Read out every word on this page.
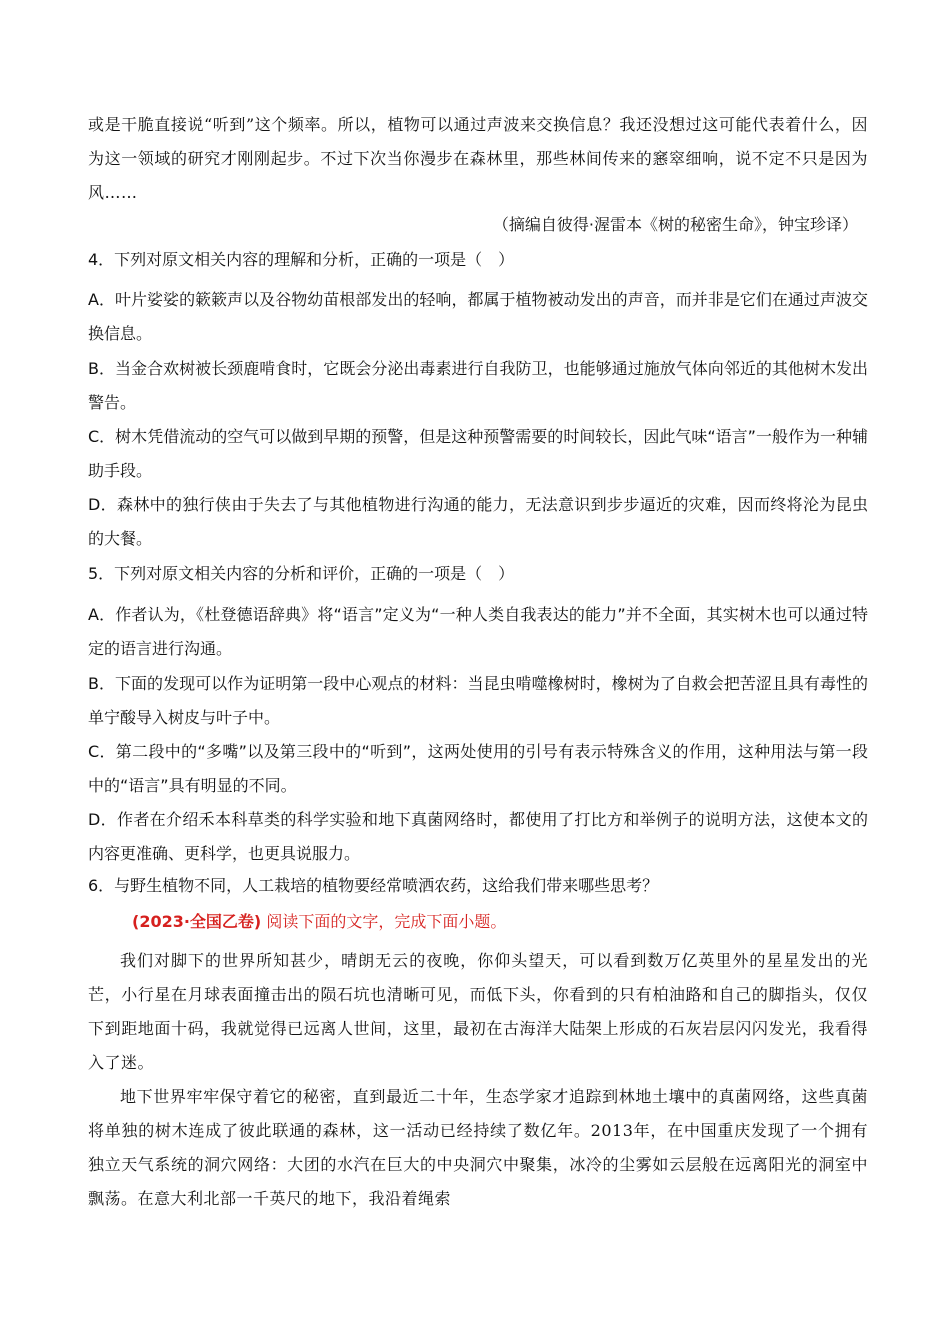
或是干脆直接说“听到”这个频率。所以，植物可以通过声波来交换信息？我还没想过这可能代表着什么，因为这一领域的研究才刚刚起步。不过下次当你漫步在森林里，那些林间传来的窸窣细响，说不定不只是因为风……

（摘编自彼得·渥雷本《树的秘密生命》，钟宝珍译）

4．下列对原文相关内容的理解和分析，正确的一项是（　）

A．叶片娑娑的簌簌声以及谷物幼苗根部发出的轻响，都属于植物被动发出的声音，而并非是它们在通过声波交换信息。

B．当金合欢树被长颈鹿啃食时，它既会分泌出毒素进行自我防卫，也能够通过施放气体向邻近的其他树木发出警告。

C．树木凭借流动的空气可以做到早期的预警，但是这种预警需要的时间较长，因此气味“语言”一般作为一种辅助手段。

D．森林中的独行侠由于失去了与其他植物进行沟通的能力，无法意识到步步逼近的灾难，因而终将沦为昆虫的大餐。

5．下列对原文相关内容的分析和评价，正确的一项是（　）

A．作者认为，《杜登德语辞典》将“语言”定义为“一种人类自我表达的能力”并不全面，其实树木也可以通过特定的语言进行沟通。

B．下面的发现可以作为证明第一段中心观点的材料：当昆虫啃噬橡树时，橡树为了自救会把苦涩且具有毒性的单宁酸导入树皮与叶子中。

C．第二段中的“多嘴”以及第三段中的“听到”，这两处使用的引号有表示特殊含义的作用，这种用法与第一段中的“语言”具有明显的不同。

D．作者在介绍禾本科草类的科学实验和地下真菌网络时，都使用了打比方和举例子的说明方法，这使本文的内容更准确、更科学，也更具说服力。

6．与野生植物不同，人工栽培的植物要经常喷洒农药，这给我们带来哪些思考？

(2023·全国乙卷) 阅读下面的文字，完成下面小题。

我们对脚下的世界所知甚少，晴朗无云的夜晚，你仰头望天，可以看到数万亿英里外的星星发出的光芒，小行星在月球表面撞击出的陨石坑也清晰可见，而低下头，你看到的只有柏油路和自己的脚指头，仅仅下到距地面十码，我就觉得已远离人世间，这里，最初在古海洋大陆架上形成的石灰岩层闪闪发光，我看得入了迷。

地下世界牢牢保守着它的秘密，直到最近二十年，生态学家才追踪到林地土壤中的真菌网络，这些真菌将单独的树木连成了彼此联通的森林，这一活动已经持续了数亿年。2013年，在中国重庆发现了一个拥有独立天气系统的洞穴网络：大团的水汽在巨大的中央洞穴中聚集，冰冷的尘雾如云层般在远离阳光的洞室中飘荡。在意大利北部一千英尺的地下，我沿着绳索
